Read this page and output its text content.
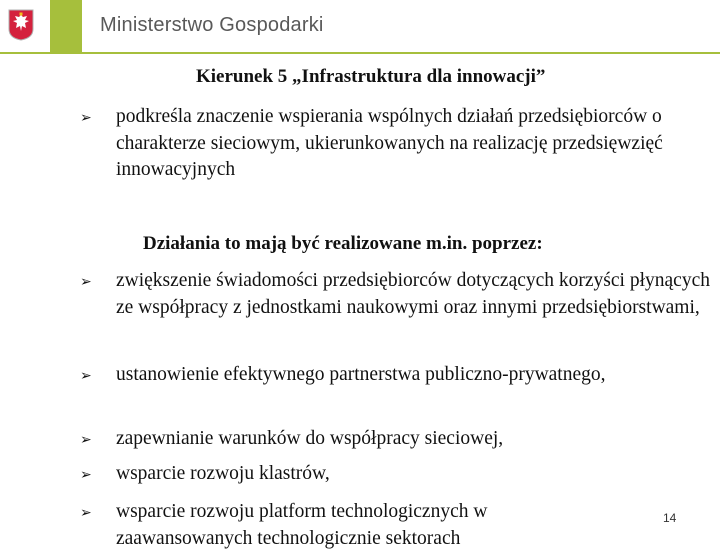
Ministerstwo Gospodarki
Kierunek 5 „Infrastruktura dla innowacji”
➢ podkreśla znaczenie wspierania wspólnych działań przedsiębiorców o charakterze sieciowym, ukierunkowanych na realizację przedsięwzięć innowacyjnych
Działania to mają być realizowane m.in. poprzez:
➢ zwiększenie świadomości przedsiębiorców dotyczących korzyści płynących ze współpracy z jednostkami naukowymi oraz innymi przedsiębiorstwami,
➢ ustanowienie efektywnego partnerstwa publiczno-prywatnego,
➢ zapewnianie warunków do współpracy sieciowej,
➢ wsparcie rozwoju klastrów,
➢ wsparcie rozwoju platform technologicznych w zaawansowanych technologicznie sektorach
14
